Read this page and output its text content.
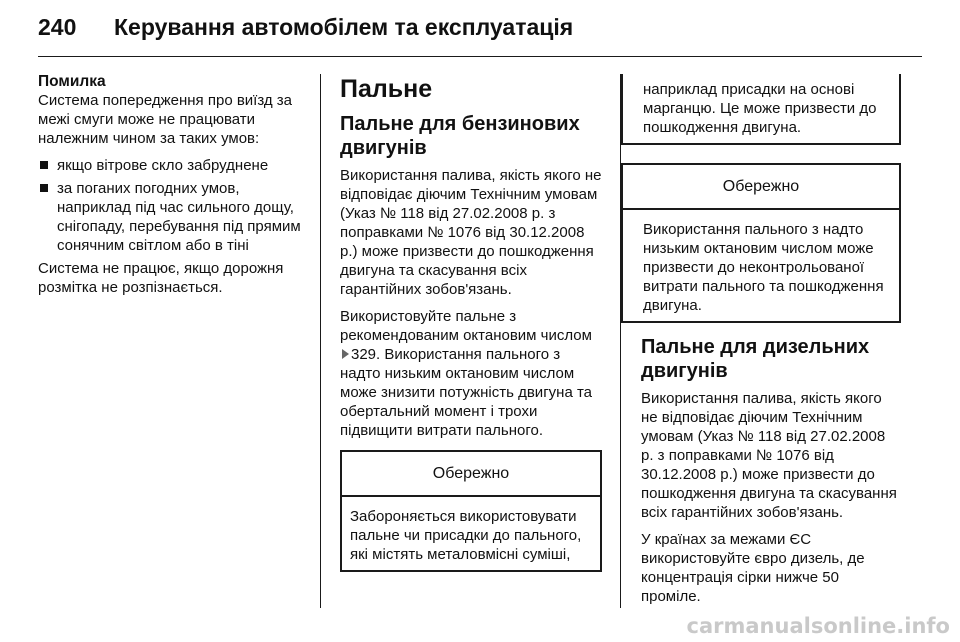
240 Керування автомобілем та експлуатація
Помилка

Система попередження про виїзд за межі смуги може не працювати належним чином за таких умов:

якщо вітрове скло забруднене
за поганих погодних умов, наприклад під час сильного дощу, снігопаду, перебування під прямим сонячним світлом або в тіні

Система не працює, якщо дорожня розмітка не розпізнається.

Пальне
Пальне для бензинових двигунів

Використання палива, якість якого не відповідає діючим Технічним умовам (Указ № 118 від 27.02.2008 р. з поправками № 1076 від 30.12.2008 р.) може призвести до пошкодження двигуна та скасування всіх гарантійних зобов'язань.

Використовуйте пальне з рекомендованим октановим числом 329. Використання пального з надто низьким октановим числом може знизити потужність двигуна та обертальний момент і трохи підвищити витрати пального.

Обережно
Забороняється використовувати пальне чи присадки до пального, які містять металовмісні суміші,
наприклад присадки на основі марганцю. Це може призвести до пошкодження двигуна.
Обережно
Використання пального з надто низьким октановим числом може призвести до неконтрольованої витрати пального та пошкодження двигуна.
Пальне для дизельних двигунів

Використання палива, якість якого не відповідає діючим Технічним умовам (Указ № 118 від 27.02.2008 р. з поправками № 1076 від 30.12.2008 р.) може призвести до пошкодження двигуна та скасування всіх гарантійних зобов'язань.

У країнах за межами ЄС використовуйте євро дизель, де концентрація сірки нижче 50 проміле.

carmanualsonline.info
